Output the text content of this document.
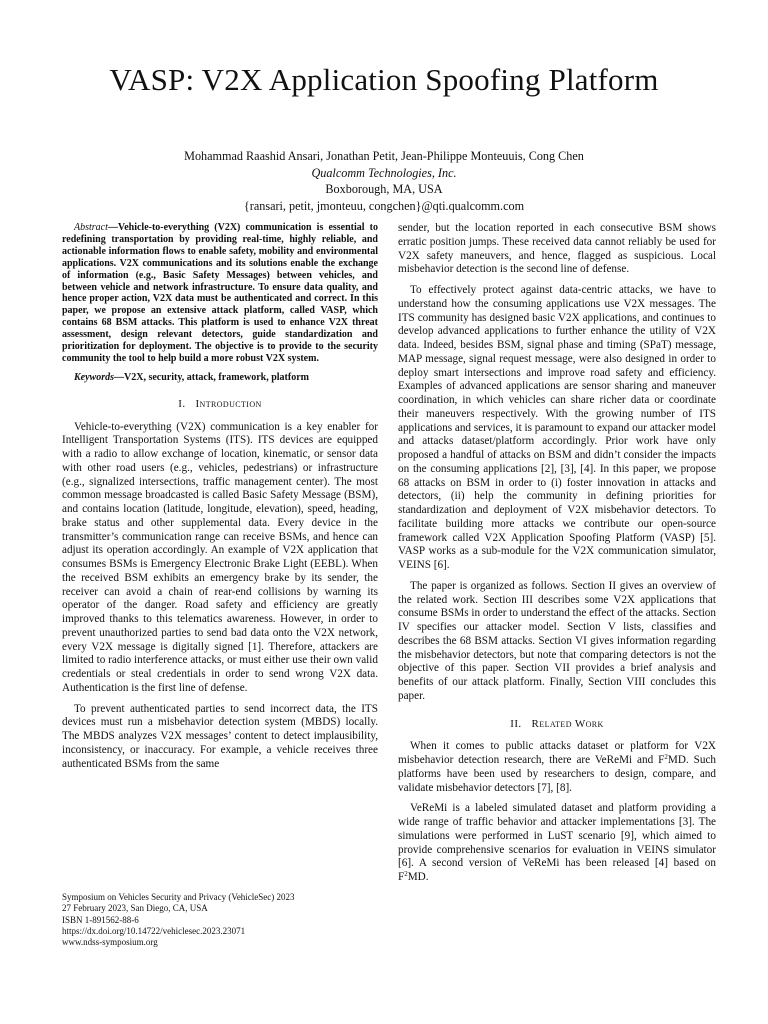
VASP: V2X Application Spoofing Platform
Mohammad Raashid Ansari, Jonathan Petit, Jean-Philippe Monteuuis, Cong Chen
Qualcomm Technologies, Inc.
Boxborough, MA, USA
{ransari, petit, jmonteuu, congchen}@qti.qualcomm.com

Abstract—Vehicle-to-everything (V2X) communication is essential to redefining transportation by providing real-time, highly reliable, and actionable information flows to enable safety, mobility and environmental applications. V2X communications and its solutions enable the exchange of information (e.g., Basic Safety Messages) between vehicles, and between vehicle and network infrastructure. To ensure data quality, and hence proper action, V2X data must be authenticated and correct. In this paper, we propose an extensive attack platform, called VASP, which contains 68 BSM attacks. This platform is used to enhance V2X threat assessment, design relevant detectors, guide standardization and prioritization for deployment. The objective is to provide to the security community the tool to help build a more robust V2X system.

Keywords—V2X, security, attack, framework, platform

I. Introduction

Vehicle-to-everything (V2X) communication is a key enabler for Intelligent Transportation Systems (ITS). ITS devices are equipped with a radio to allow exchange of location, kinematic, or sensor data with other road users (e.g., vehicles, pedestrians) or infrastructure (e.g., signalized intersections, traffic management center). The most common message broadcasted is called Basic Safety Message (BSM), and contains location (latitude, longitude, elevation), speed, heading, brake status and other supplemental data. Every device in the transmitter’s communication range can receive BSMs, and hence can adjust its operation accordingly. An example of V2X application that consumes BSMs is Emergency Electronic Brake Light (EEBL). When the received BSM exhibits an emergency brake by its sender, the receiver can avoid a chain of rear-end collisions by warning its operator of the danger. Road safety and efficiency are greatly improved thanks to this telematics awareness. However, in order to prevent unauthorized parties to send bad data onto the V2X network, every V2X message is digitally signed [1]. Therefore, attackers are limited to radio interference attacks, or must either use their own valid credentials or steal credentials in order to send wrong V2X data. Authentication is the first line of defense.

To prevent authenticated parties to send incorrect data, the ITS devices must run a misbehavior detection system (MBDS) locally. The MBDS analyzes V2X messages’ content to detect implausibility, inconsistency, or inaccuracy. For example, a vehicle receives three authenticated BSMs from the same

Symposium on Vehicles Security and Privacy (VehicleSec) 2023
27 February 2023, San Diego, CA, USA
ISBN 1-891562-88-6
https://dx.doi.org/10.14722/vehiclesec.2023.23071
www.ndss-symposium.org

sender, but the location reported in each consecutive BSM shows erratic position jumps. These received data cannot reliably be used for V2X safety maneuvers, and hence, flagged as suspicious. Local misbehavior detection is the second line of defense.

To effectively protect against data-centric attacks, we have to understand how the consuming applications use V2X messages. The ITS community has designed basic V2X applications, and continues to develop advanced applications to further enhance the utility of V2X data. Indeed, besides BSM, signal phase and timing (SPaT) message, MAP message, signal request message, were also designed in order to deploy smart intersections and improve road safety and efficiency. Examples of advanced applications are sensor sharing and maneuver coordination, in which vehicles can share richer data or coordinate their maneuvers respectively. With the growing number of ITS applications and services, it is paramount to expand our attacker model and attacks dataset/platform accordingly. Prior work have only proposed a handful of attacks on BSM and didn’t consider the impacts on the consuming applications [2], [3], [4]. In this paper, we propose 68 attacks on BSM in order to (i) foster innovation in attacks and detectors, (ii) help the community in defining priorities for standardization and deployment of V2X misbehavior detectors. To facilitate building more attacks we contribute our open-source framework called V2X Application Spoofing Platform (VASP) [5]. VASP works as a sub-module for the V2X communication simulator, VEINS [6].

The paper is organized as follows. Section II gives an overview of the related work. Section III describes some V2X applications that consume BSMs in order to understand the effect of the attacks. Section IV specifies our attacker model. Section V lists, classifies and describes the 68 BSM attacks. Section VI gives information regarding the misbehavior detectors, but note that comparing detectors is not the objective of this paper. Section VII provides a brief analysis and benefits of our attack platform. Finally, Section VIII concludes this paper.

II. Related Work

When it comes to public attacks dataset or platform for V2X misbehavior detection research, there are VeReMi and $F^2MD$. Such platforms have been used by researchers to design, compare, and validate misbehavior detectors [7], [8].

VeReMi is a labeled simulated dataset and platform providing a wide range of traffic behavior and attacker implementations [3]. The simulations were performed in LuST scenario [9], which aimed to provide comprehensive scenarios for evaluation in VEINS simulator [6]. A second version of VeReMi has been released [4] based on $F^2MD$.
